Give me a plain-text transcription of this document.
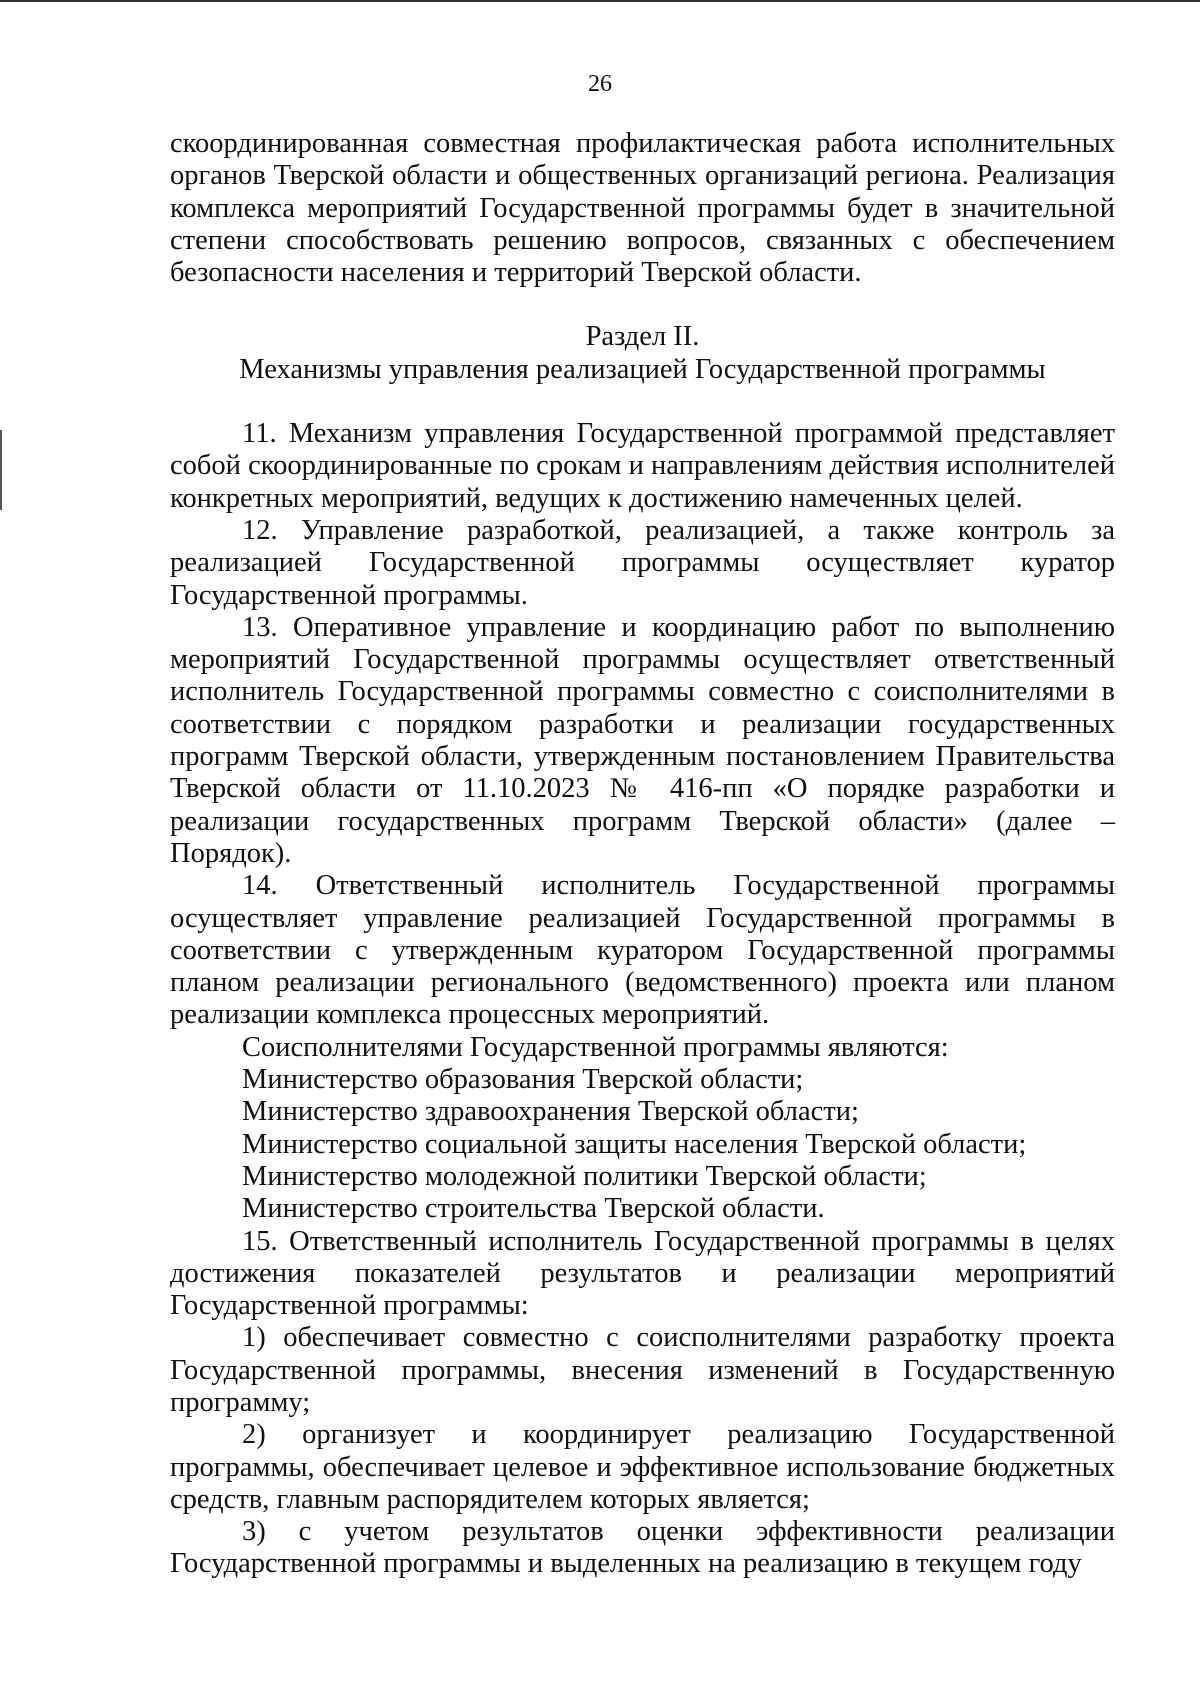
26

скоординированная совместная профилактическая работа исполнительных органов Тверской области и общественных организаций региона. Реализация комплекса мероприятий Государственной программы будет в значительной степени способствовать решению вопросов, связанных с обеспечением безопасности населения и территорий Тверской области.

Раздел II.

Механизмы управления реализацией Государственной программы

11. Механизм управления Государственной программой представляет собой скоординированные по срокам и направлениям действия исполнителей конкретных мероприятий, ведущих к достижению намеченных целей.

12. Управление разработкой, реализацией, а также контроль за реализацией Государственной программы осуществляет куратор Государственной программы.

13. Оперативное управление и координацию работ по выполнению мероприятий Государственной программы осуществляет ответственный исполнитель Государственной программы совместно с соисполнителями в соответствии с порядком разработки и реализации государственных программ Тверской области, утвержденным постановлением Правительства Тверской области от 11.10.2023 № 416-пп «О порядке разработки и реализации государственных программ Тверской области» (далее – Порядок).

14. Ответственный исполнитель Государственной программы осуществляет управление реализацией Государственной программы в соответствии с утвержденным куратором Государственной программы планом реализации регионального (ведомственного) проекта или планом реализации комплекса процессных мероприятий.

Соисполнителями Государственной программы являются:

Министерство образования Тверской области;

Министерство здравоохранения Тверской области;

Министерство социальной защиты населения Тверской области;

Министерство молодежной политики Тверской области;

Министерство строительства Тверской области.

15. Ответственный исполнитель Государственной программы в целях достижения показателей результатов и реализации мероприятий Государственной программы:

1) обеспечивает совместно с соисполнителями разработку проекта Государственной программы, внесения изменений в Государственную программу;

2) организует и координирует реализацию Государственной программы, обеспечивает целевое и эффективное использование бюджетных средств, главным распорядителем которых является;

3) с учетом результатов оценки эффективности реализации Государственной программы и выделенных на реализацию в текущем году
